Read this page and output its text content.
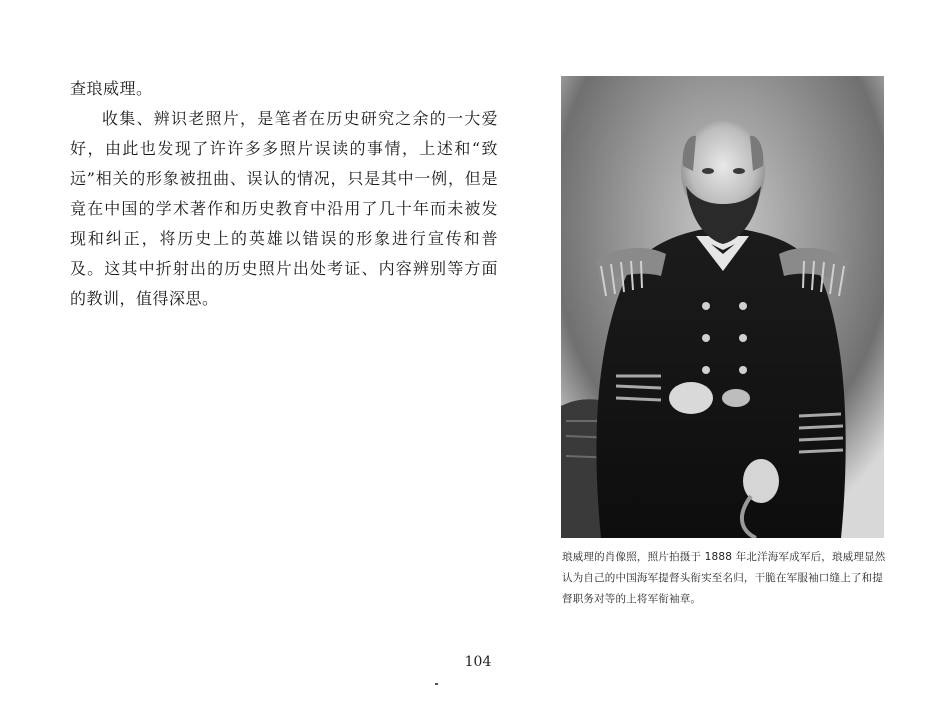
查琅威理。

收集、辨识老照片，是笔者在历史研究之余的一大爱好，由此也发现了许许多多照片误读的事情，上述和“致远”相关的形象被扭曲、误认的情况，只是其中一例，但是竟在中国的学术著作和历史教育中沿用了几十年而未被发现和纠正，将历史上的英雄以错误的形象进行宣传和普及。这其中折射出的历史照片出处考证、内容辨别等方面的教训，值得深思。

琅威理的肖像照，照片拍摄于 1888 年北洋海军成军后，琅威理显然认为自己的中国海军提督头衔实至名归，干脆在军服袖口缝上了和提督职务对等的上将军衔袖章。

104
